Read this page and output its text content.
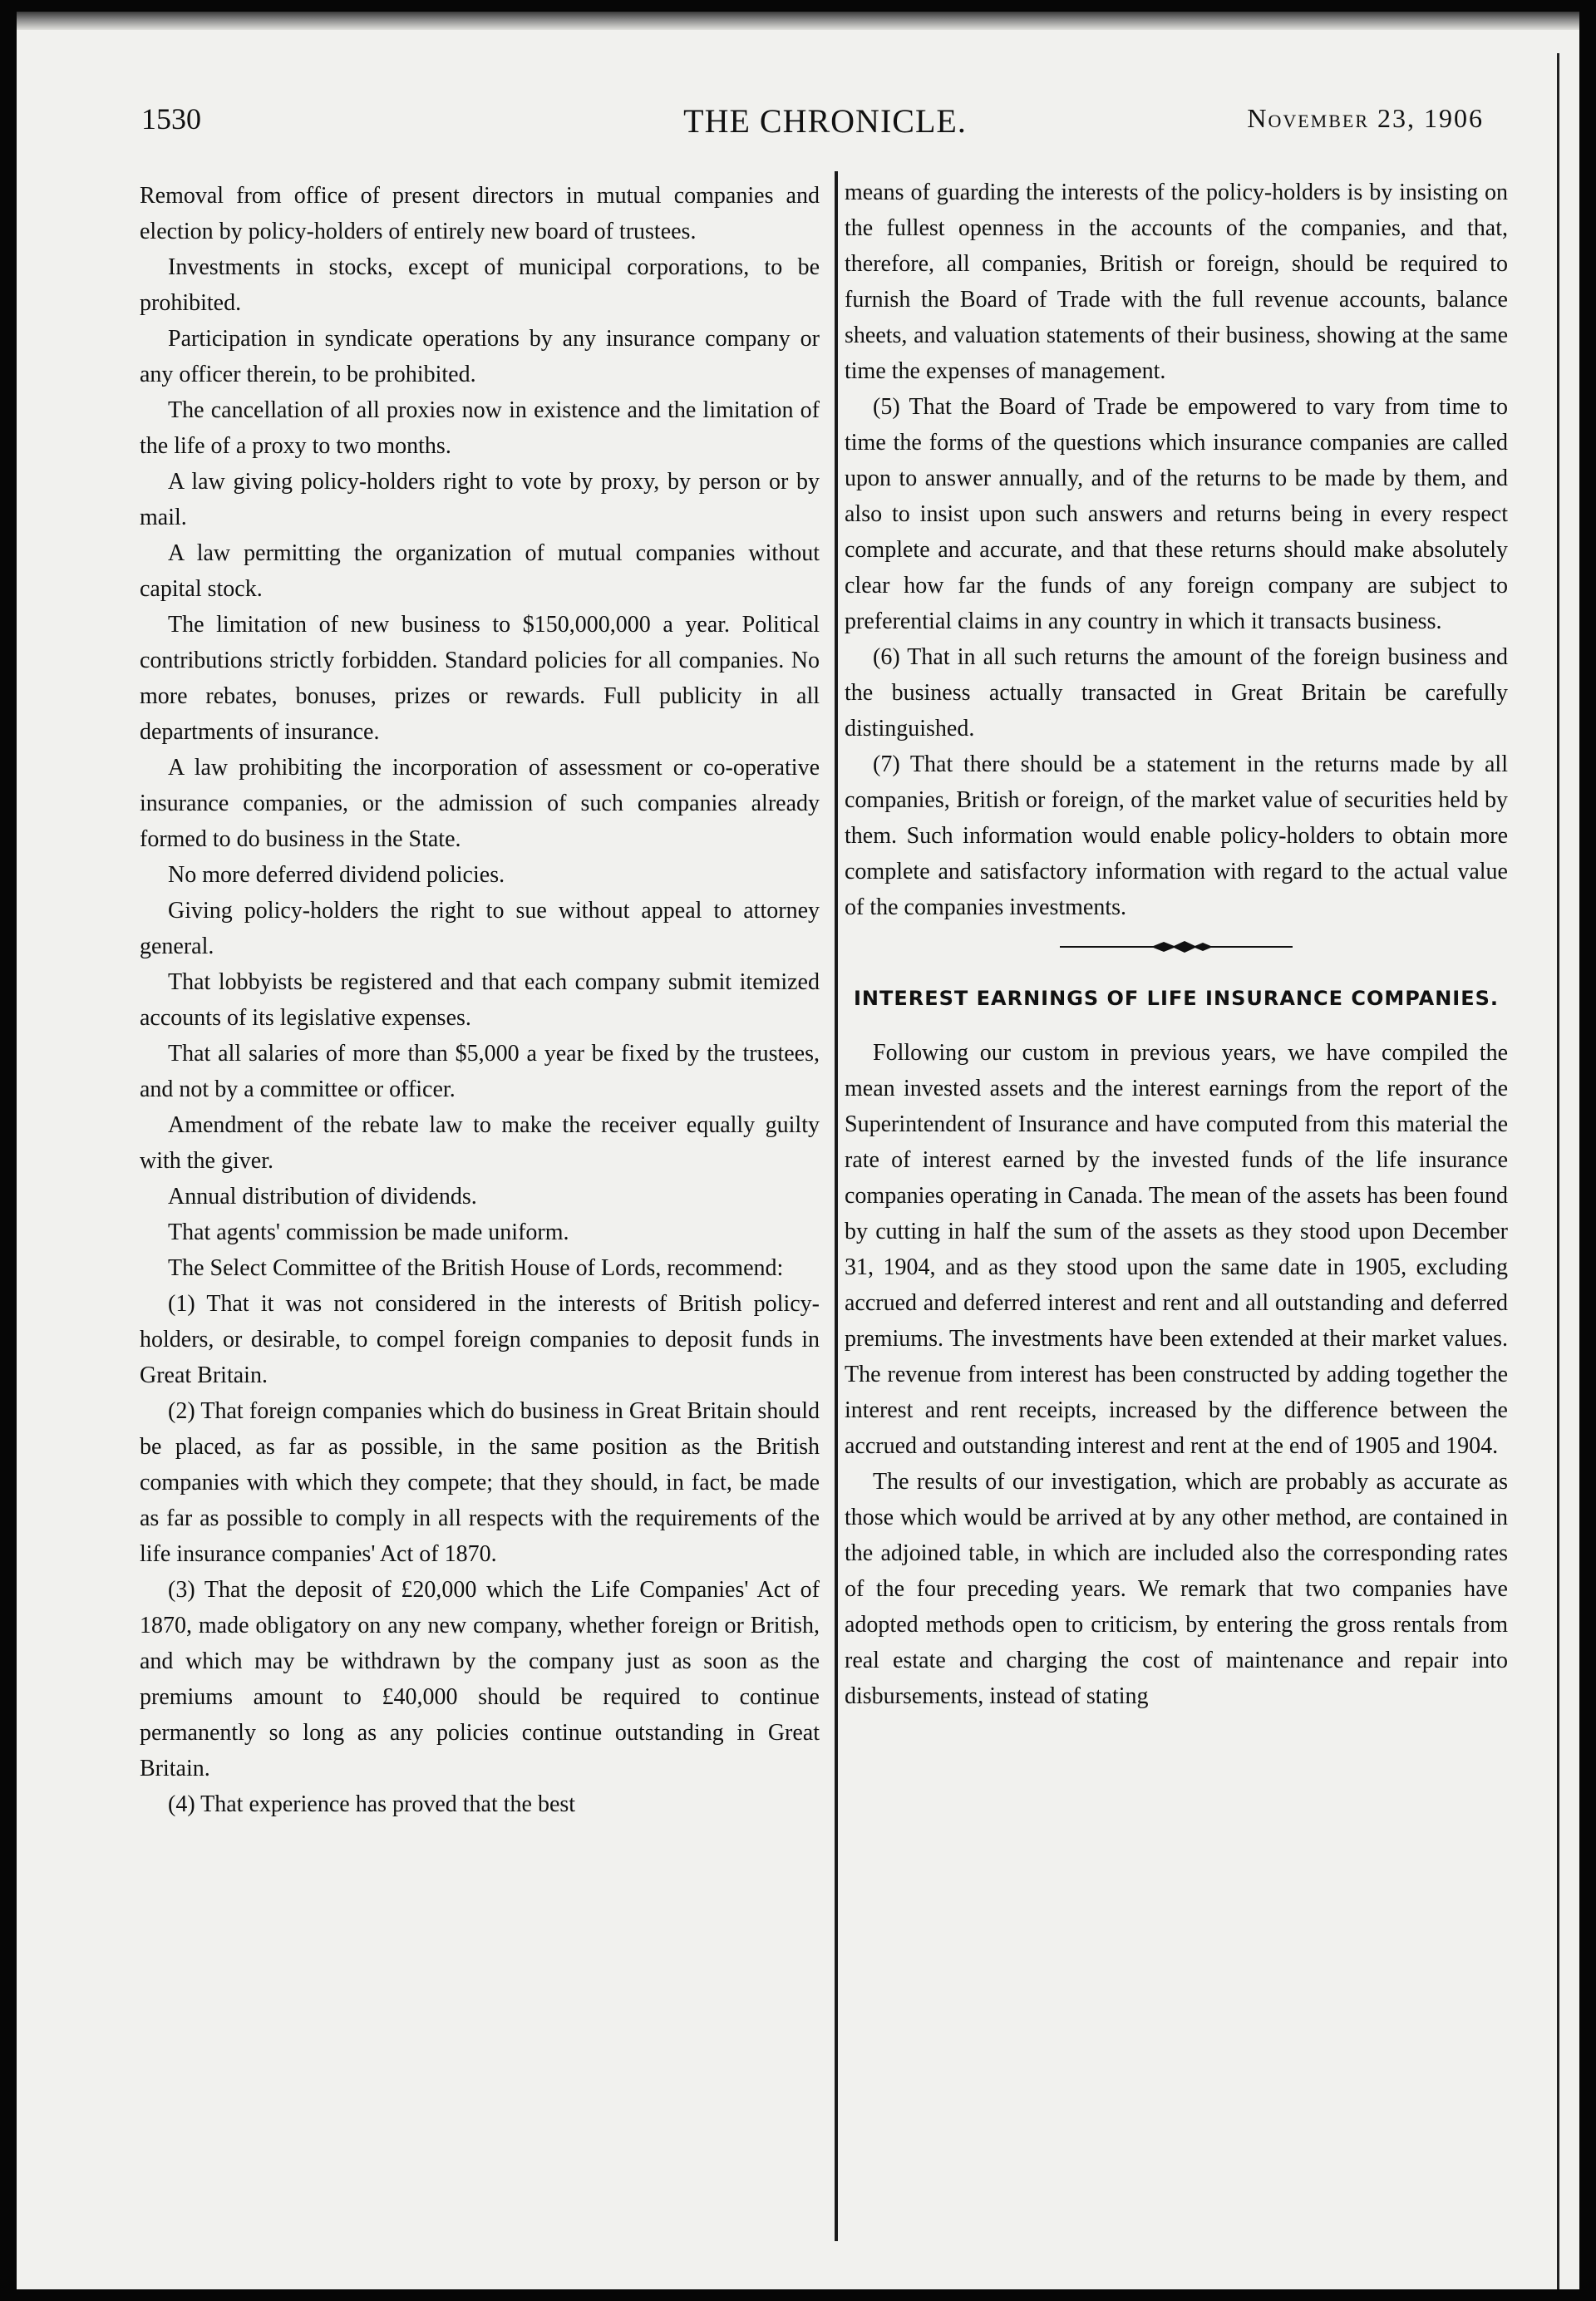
1530	THE CHRONICLE.	November 23, 1906

Removal from office of present directors in mutual companies and election by policy-holders of entirely new board of trustees.

Investments in stocks, except of municipal corporations, to be prohibited.

Participation in syndicate operations by any insurance company or any officer therein, to be prohibited.

The cancellation of all proxies now in existence and the limitation of the life of a proxy to two months.

A law giving policy-holders right to vote by proxy, by person or by mail.

A law permitting the organization of mutual companies without capital stock.

The limitation of new business to $150,000,000 a year. Political contributions strictly forbidden. Standard policies for all companies. No more rebates, bonuses, prizes or rewards. Full publicity in all departments of insurance.

A law prohibiting the incorporation of assessment or co-operative insurance companies, or the admission of such companies already formed to do business in the State.

No more deferred dividend policies.

Giving policy-holders the right to sue without appeal to attorney general.

That lobbyists be registered and that each company submit itemized accounts of its legislative expenses.

That all salaries of more than $5,000 a year be fixed by the trustees, and not by a committee or officer.

Amendment of the rebate law to make the receiver equally guilty with the giver.

Annual distribution of dividends.

That agents' commission be made uniform.

The Select Committee of the British House of Lords, recommend:

(1) That it was not considered in the interests of British policy-holders, or desirable, to compel foreign companies to deposit funds in Great Britain.

(2) That foreign companies which do business in Great Britain should be placed, as far as possible, in the same position as the British companies with which they compete; that they should, in fact, be made as far as possible to comply in all respects with the requirements of the life insurance companies' Act of 1870.

(3) That the deposit of £20,000 which the Life Companies' Act of 1870, made obligatory on any new company, whether foreign or British, and which may be withdrawn by the company just as soon as the premiums amount to £40,000 should be required to continue permanently so long as any policies continue outstanding in Great Britain.

(4) That experience has proved that the best

means of guarding the interests of the policy-holders is by insisting on the fullest openness in the accounts of the companies, and that, therefore, all companies, British or foreign, should be required to furnish the Board of Trade with the full revenue accounts, balance sheets, and valuation statements of their business, showing at the same time the expenses of management.

(5) That the Board of Trade be empowered to vary from time to time the forms of the questions which insurance companies are called upon to answer annually, and of the returns to be made by them, and also to insist upon such answers and returns being in every respect complete and accurate, and that these returns should make absolutely clear how far the funds of any foreign company are subject to preferential claims in any country in which it transacts business.

(6) That in all such returns the amount of the foreign business and the business actually transacted in Great Britain be carefully distinguished.

(7) That there should be a statement in the returns made by all companies, British or foreign, of the market value of securities held by them. Such information would enable policy-holders to obtain more complete and satisfactory information with regard to the actual value of the companies investments.

INTEREST EARNINGS OF LIFE INSURANCE COMPANIES.

Following our custom in previous years, we have compiled the mean invested assets and the interest earnings from the report of the Superintendent of Insurance and have computed from this material the rate of interest earned by the invested funds of the life insurance companies operating in Canada. The mean of the assets has been found by cutting in half the sum of the assets as they stood upon December 31, 1904, and as they stood upon the same date in 1905, excluding accrued and deferred interest and rent and all outstanding and deferred premiums. The investments have been extended at their market values. The revenue from interest has been constructed by adding together the interest and rent receipts, increased by the difference between the accrued and outstanding interest and rent at the end of 1905 and 1904.

The results of our investigation, which are probably as accurate as those which would be arrived at by any other method, are contained in the adjoined table, in which are included also the corresponding rates of the four preceding years. We remark that two companies have adopted methods open to criticism, by entering the gross rentals from real estate and charging the cost of maintenance and repair into disbursements, instead of stating
